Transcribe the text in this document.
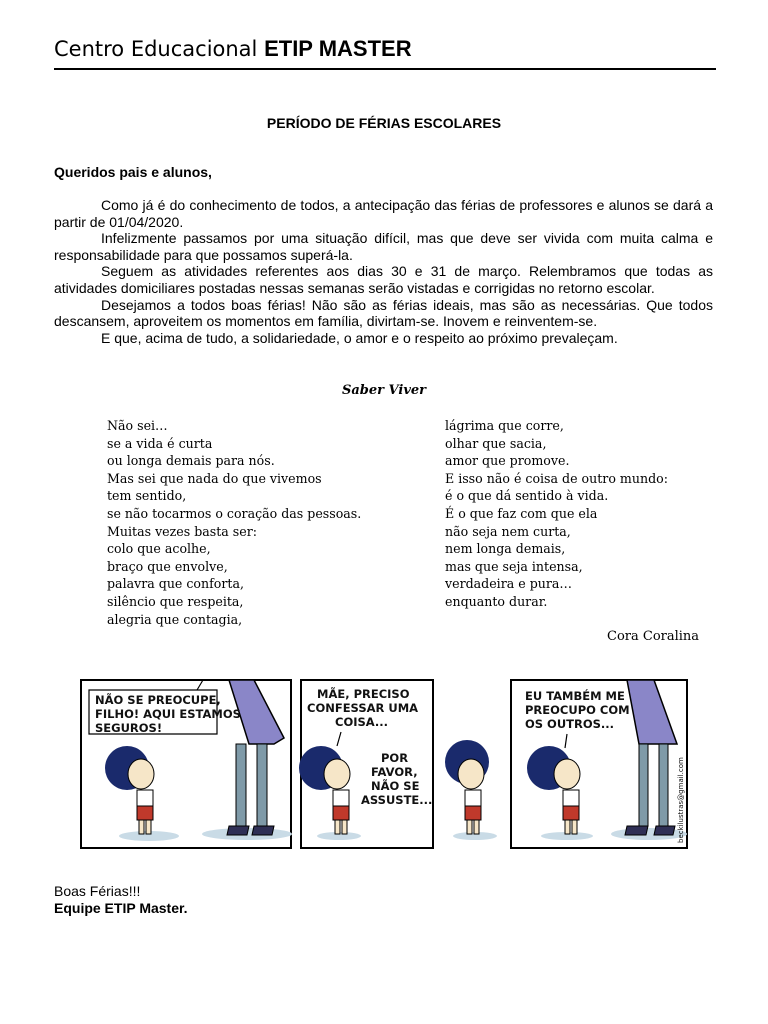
Centro Educacional ETIP MASTER
PERÍODO DE FÉRIAS ESCOLARES
Queridos pais e alunos,

Como já é do conhecimento de todos, a antecipação das férias de professores e alunos se dará a partir de 01/04/2020.

Infelizmente passamos por uma situação difícil, mas que deve ser vivida com muita calma e responsabilidade para que possamos superá-la.

Seguem as atividades referentes aos dias 30 e 31 de março. Relembramos que todas as atividades domiciliares postadas nessas semanas serão vistadas e corrigidas no retorno escolar.

Desejamos a todos boas férias! Não são as férias ideais, mas são as necessárias. Que todos descansem, aproveitem os momentos em família, divirtam-se. Inovem e reinventem-se.

E que, acima de tudo, a solidariedade, o amor e o respeito ao próximo prevaleçam.

Saber Viver
Não sei…
se a vida é curta
ou longa demais para nós.
Mas sei que nada do que vivemos
tem sentido,
se não tocarmos o coração das pessoas.
Muitas vezes basta ser:
colo que acolhe,
braço que envolve,
palavra que conforta,
silêncio que respeita,
alegria que contagia,
lágrima que corre,
olhar que sacia,
amor que promove.
E isso não é coisa de outro mundo:
é o que dá sentido à vida.
É o que faz com que ela
não seja nem curta,
nem longa demais,
mas que seja intensa,
verdadeira e pura…
enquanto durar.
Cora Coralina
NÃO SE PREOCUPE,
FILHO! AQUI ESTAMOS
SEGUROS!
MÃE, PRECISO
CONFESSAR UMA
COISA...
POR
FAVOR,
NÃO SE
ASSUSTE...
EU TAMBÉM ME
PREOCUPO COM
OS OUTROS...
beckilustras@gmail.com
Boas Férias!!!
Equipe ETIP Master.
